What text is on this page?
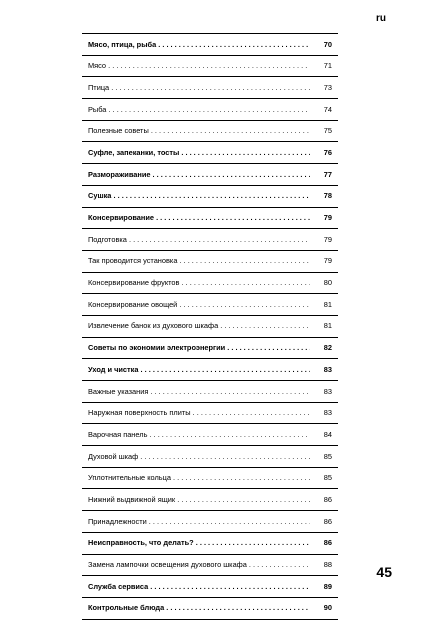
ru
Мясо, птица, рыба . . .	70
Мясо . . .	71
Птица . . .	73
Рыба . . .	74
Полезные советы . . .	75
Суфле, запеканки, тосты . . .	76
Размораживание . . .	77
Сушка . . .	78
Консервирование . . .	79
Подготовка . . .	79
Так проводится установка . . .	79
Консервирование фруктов . . .	80
Консервирование овощей . . .	81
Извлечение банок из духового шкафа . . .	81
Советы по экономии электроэнергии . . .	82
Уход и чистка . . .	83
Важные указания . . .	83
Наружная поверхность плиты . . .	83
Варочная панель . . .	84
Духовой шкаф . . .	85
Уплотнительные кольца . . .	85
Нижний выдвижной ящик . . .	86
Принадлежности . . .	86
Неисправность, что делать? . . .	86
Замена лампочки освещения духового шкафа . . .	88
Служба сервиса . . .	89
Контрольные блюда . . .	90
45
